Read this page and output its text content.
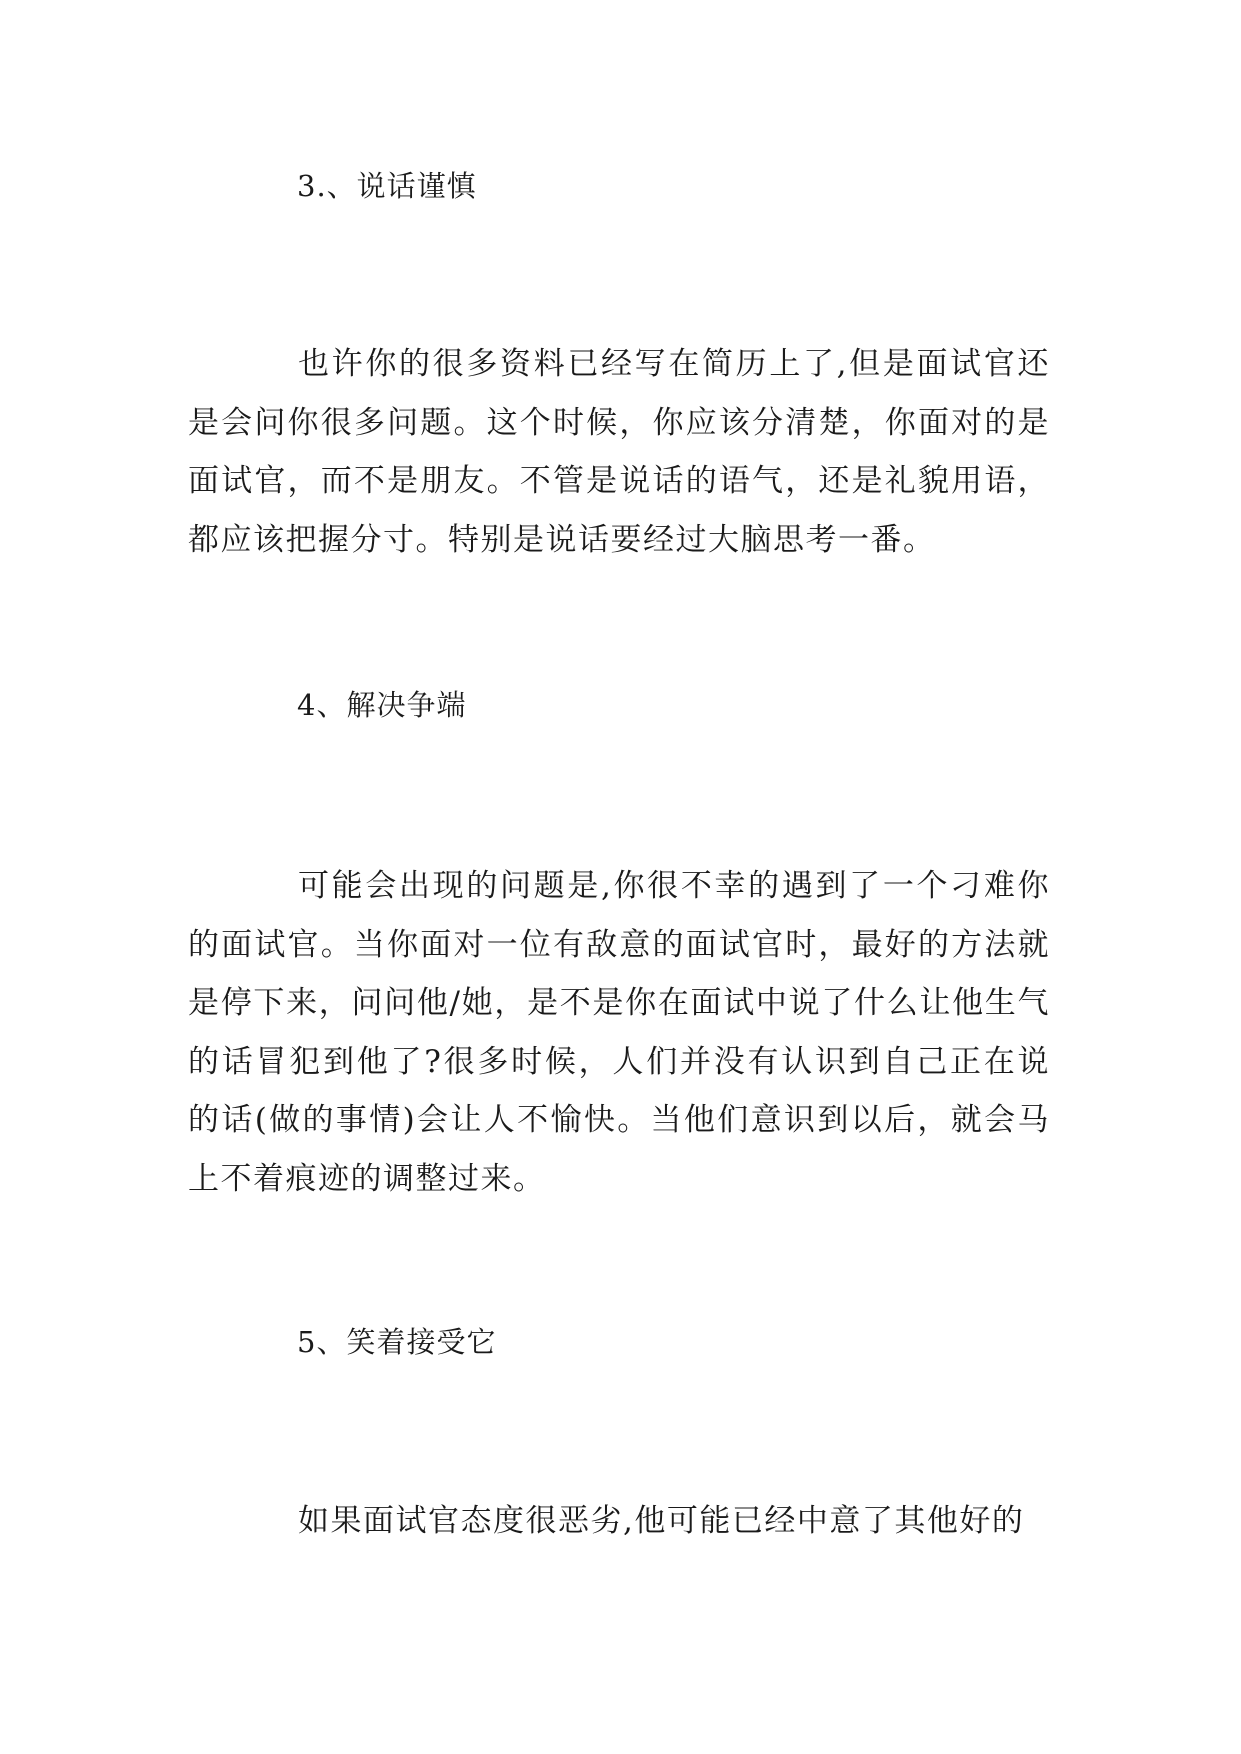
3.、说话谨慎

也许你的很多资料已经写在简历上了,但是面试官还是会问你很多问题。这个时候，你应该分清楚，你面对的是面试官，而不是朋友。不管是说话的语气，还是礼貌用语，都应该把握分寸。特别是说话要经过大脑思考一番。

4、解决争端

可能会出现的问题是,你很不幸的遇到了一个刁难你的面试官。当你面对一位有敌意的面试官时，最好的方法就是停下来，问问他/她，是不是你在面试中说了什么让他生气的话冒犯到他了?很多时候，人们并没有认识到自己正在说的话(做的事情)会让人不愉快。当他们意识到以后，就会马上不着痕迹的调整过来。

5、笑着接受它

如果面试官态度很恶劣,他可能已经中意了其他好的
